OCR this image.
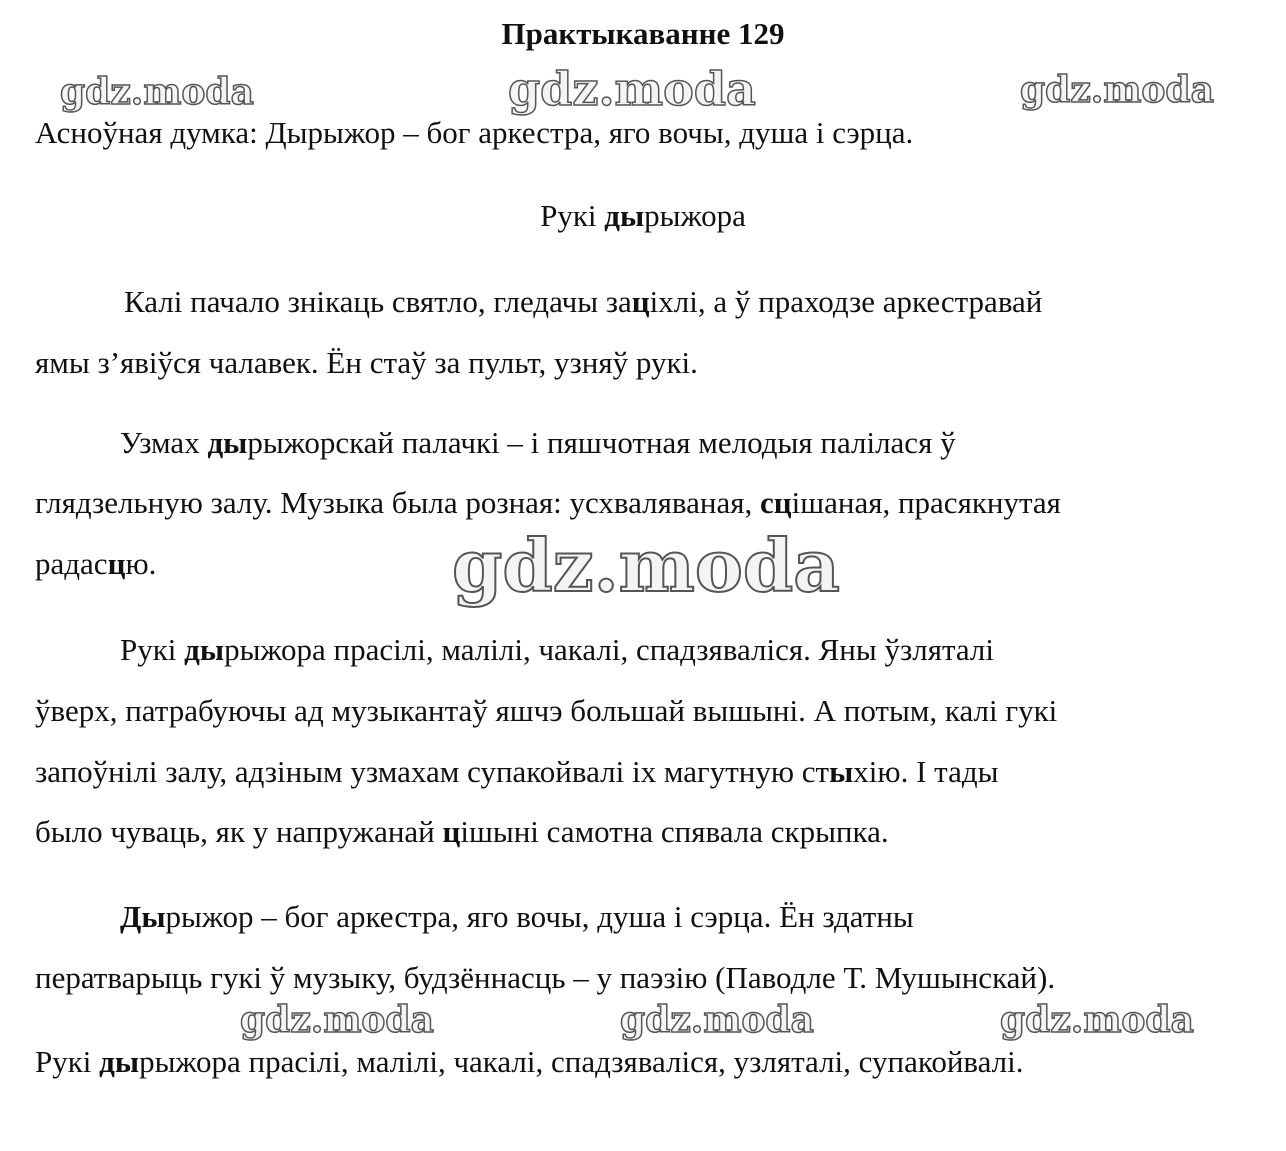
Практыкаванне 129
gdz.moda	gdz.moda	gdz.moda
Асноўная думка: Дырыжор – бог аркестра, яго вочы, душа і сэрца.
Рукі дырыжора
Калі пачало знікаць святло, гледачы заціхлі, а ў праходзе аркестравай
ямы з’явіўся чалавек. Ён стаў за пульт, узняў рукі.
Узмах дырыжорскай палачкі – і пяшчотная мелодыя палілася ў
глядзельную залу. Музыка была розная: усхваляваная, сцішаная, прасякнутая
радасцю.	gdz.moda
Рукі дырыжора прасілі, малілі, чакалі, спадзяваліся. Яны ўзляталі
ўверх, патрабуючы ад музыкантаў яшчэ большай вышыні. А потым, калі гукі
запоўнілі залу, адзіным узмахам супакойвалі іх магутную стыхію. І тады
было чуваць, як у напружанай цішыні самотна спявала скрыпка.
Дырыжор – бог аркестра, яго вочы, душа і сэрца. Ён здатны
ператварыць гукі ў музыку, будзённасць – у паэзію (Паводле Т. Мушынскай).
gdz.moda	gdz.moda	gdz.moda
Рукі дырыжора прасілі, малілі, чакалі, спадзяваліся, узляталі, супакойвалі.
